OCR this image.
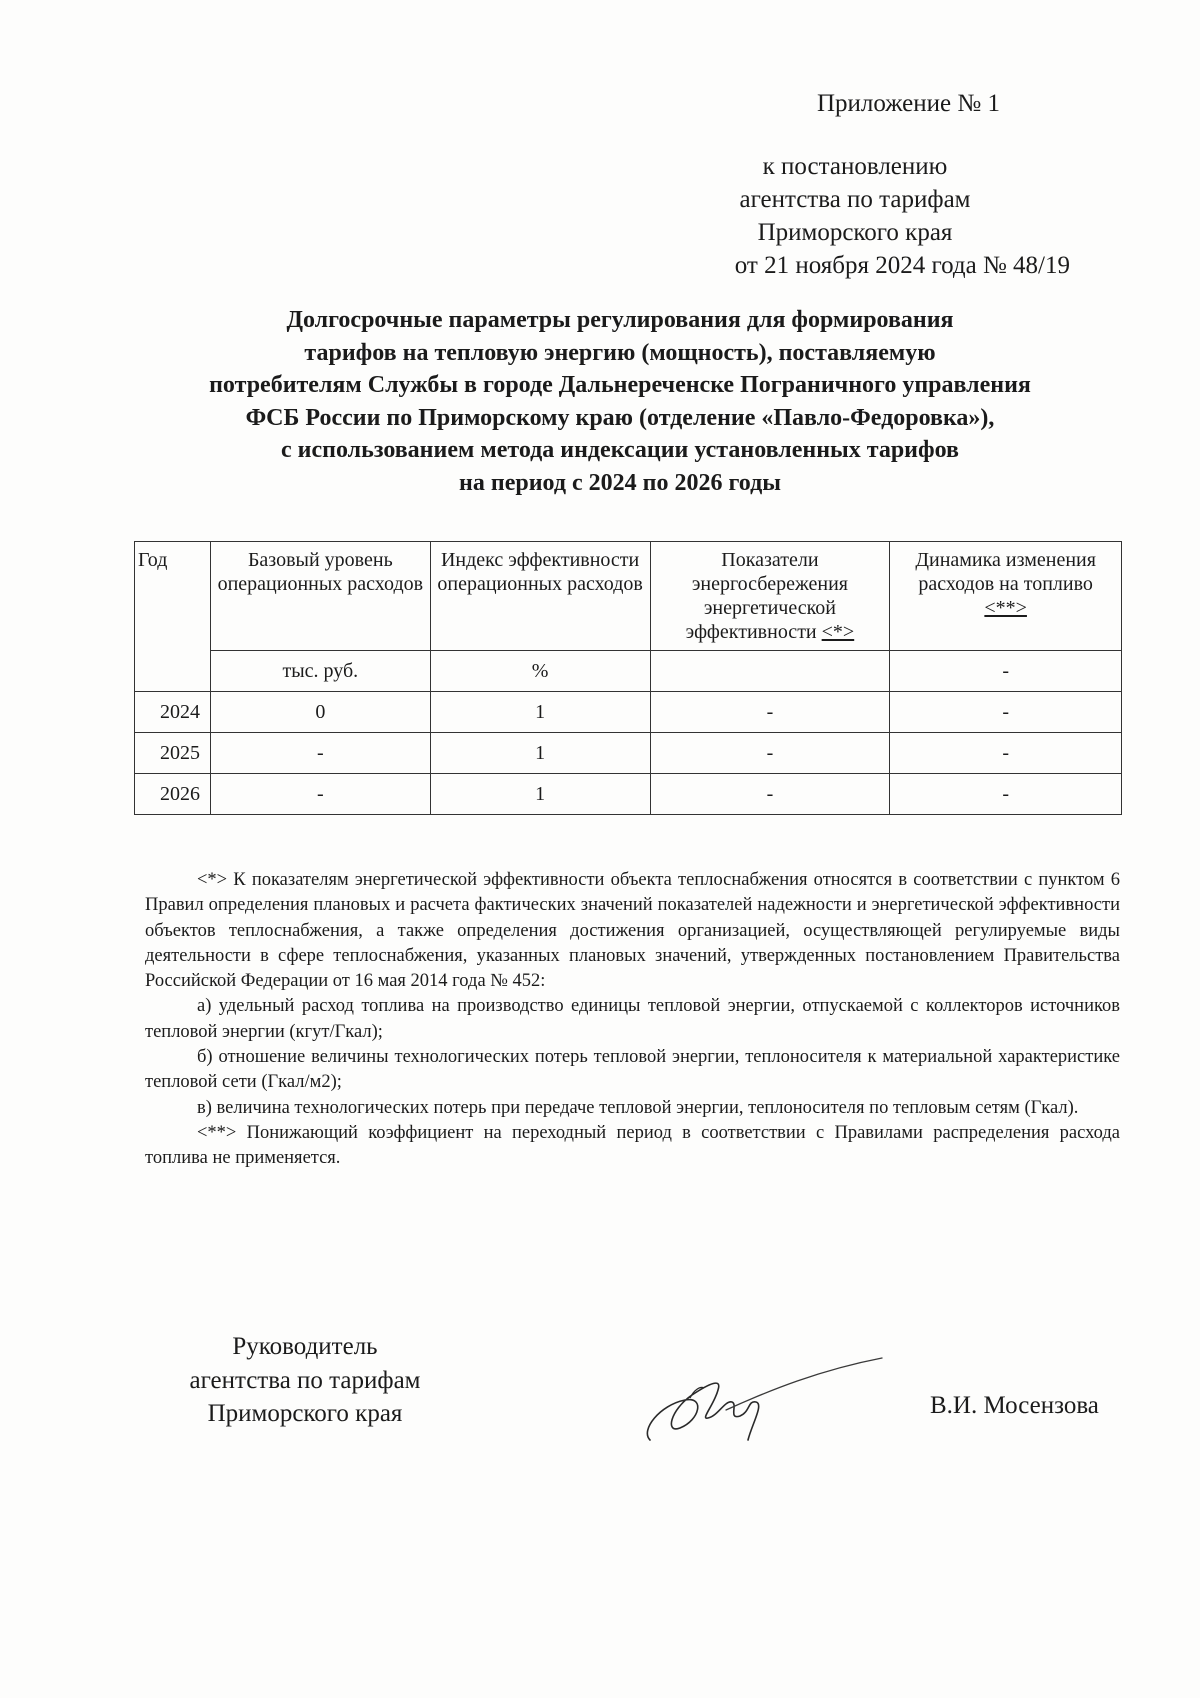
Приложение № 1
к постановлению
агентства по тарифам
Приморского края
от 21 ноября 2024 года № 48/19
Долгосрочные параметры регулирования для формирования
тарифов на тепловую энергию (мощность), поставляемую
потребителям Службы в городе Дальнереченске Пограничного управления
ФСБ России по Приморскому краю (отделение «Павло-Федоровка»),
с использованием метода индексации установленных тарифов
на период с 2024 по 2026 годы
Год	Базовый уровень операционных расходов	Индекс эффективности операционных расходов	Показатели энергосбережения энергетической эффективности <*>	Динамика изменения расходов на топливо
<**>

	тыс. руб.	%		-
2024	0	1	-	-
2025	-	1	-	-
2026	-	1	-	-

<*> К показателям энергетической эффективности объекта теплоснабжения относятся в соответствии с пунктом 6 Правил определения плановых и расчета фактических значений показателей надежности и энергетической эффективности объектов теплоснабжения, а также определения достижения организацией, осуществляющей регулируемые виды деятельности в сфере теплоснабжения, указанных плановых значений, утвержденных постановлением Правительства Российской Федерации от 16 мая 2014 года № 452:

а) удельный расход топлива на производство единицы тепловой энергии, отпускаемой с коллекторов источников тепловой энергии (кгут/Гкал);

б) отношение величины технологических потерь тепловой энергии, теплоносителя к материальной характеристике тепловой сети (Гкал/м2);

в) величина технологических потерь при передаче тепловой энергии, теплоносителя по тепловым сетям (Гкал).

<**> Понижающий коэффициент на переходный период в соответствии с Правилами распределения расхода топлива не применяется.

Руководитель
агентства по тарифам
Приморского края	В.И. Мосензова
